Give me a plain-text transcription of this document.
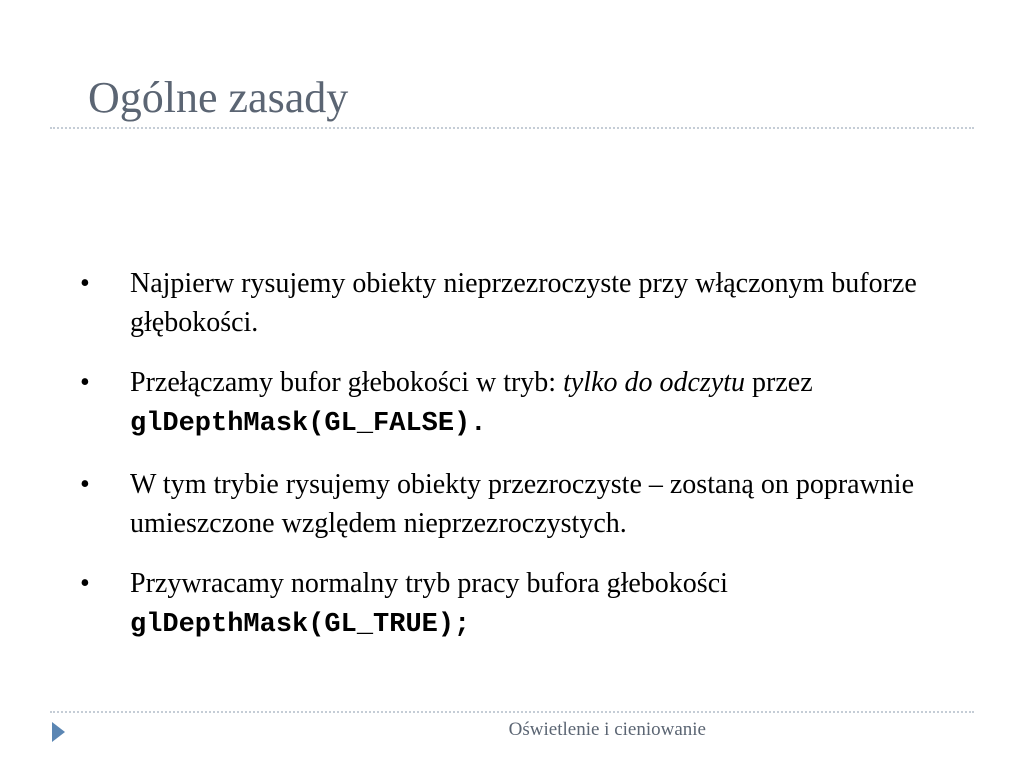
Ogólne zasady
•	Najpierw rysujemy obiekty nieprzezroczyste przy włączonym buforze głębokości.
•	Przełączamy bufor głebokości w tryb: tylko do odczytu przez glDepthMask(GL_FALSE).
•	W tym trybie rysujemy obiekty przezroczyste – zostaną on poprawnie umieszczone względem nieprzezroczystych.
•	Przywracamy normalny tryb pracy bufora głebokości
glDepthMask(GL_TRUE);
Oświetlenie i cieniowanie
